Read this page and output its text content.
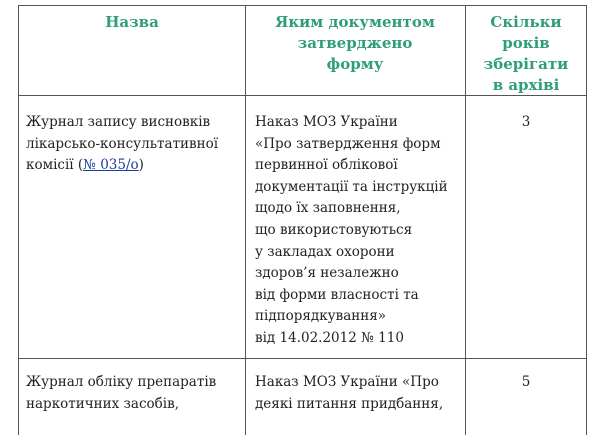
Назва	Яким документом
затверджено
форму
Скільки
років
зберігати
в архіві
Журнал запису висновків
лікарсько-консультативної
комісії (№ 035/о)
Наказ МОЗ України
«Про затвердження форм
первинної облікової
документації та інструкцій
щодо їх заповнення,
що використовуються
у закладах охорони
здоров’я незалежно
від форми власності та
підпорядкування»
від 14.02.2012 № 110
3
Журнал обліку препаратів
наркотичних засобів,
Наказ МОЗ України «Про
деякі питання придбання,
5
